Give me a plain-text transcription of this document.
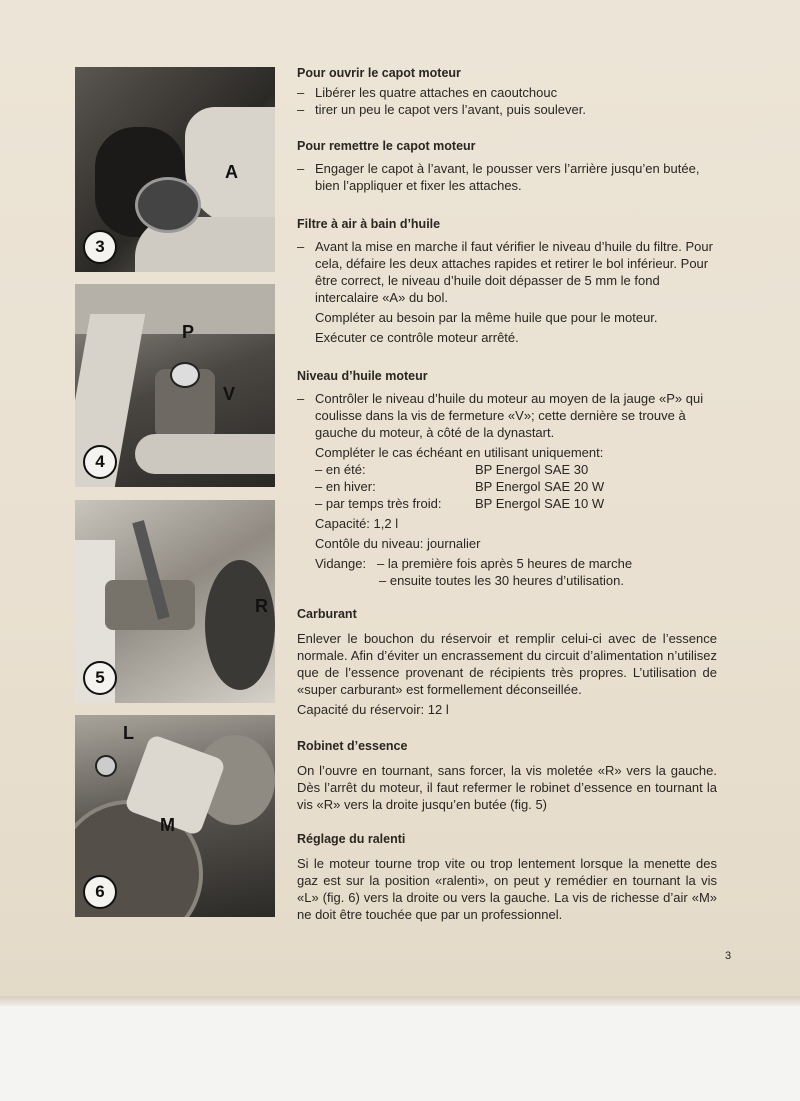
A
3
P
V
4
R
5
L
M
6
Pour ouvrir le capot moteur
– Libérer les quatre attaches en caoutchouc
– tirer un peu le capot vers l’avant, puis soulever.
Pour remettre le capot moteur
– Engager le capot à l’avant, le pousser vers l’arrière jusqu’en butée, bien l’appliquer et fixer les attaches.
Filtre à air à bain d’huile
– Avant la mise en marche il faut vérifier le niveau d’huile du filtre. Pour cela, défaire les deux attaches rapides et retirer le bol inférieur. Pour être correct, le niveau d’huile doit dépasser de 5 mm le fond intercalaire «A» du bol.

Compléter au besoin par la même huile que pour le moteur.

Exécuter ce contrôle moteur arrêté.

Niveau d’huile moteur
– Contrôler le niveau d’huile du moteur au moyen de la jauge «P» qui coulisse dans la vis de fermeture «V»; cette dernière se trouve à gauche du moteur, à côté de la dynastart.

Compléter le cas échéant en utilisant uniquement:

– en été:	BP Energol SAE 30
– en hiver:	BP Energol SAE 20 W
– par temps très froid:	BP Energol SAE 10 W

Capacité: 1,2 l

Contôle du niveau: journalier

Vidange: – la première fois après 5 heures de marche
– ensuite toutes les 30 heures d’utilisation.
Carburant

Enlever le bouchon du réservoir et remplir celui-ci avec de l’essence normale. Afin d’éviter un encrassement du circuit d’alimentation n’utilisez que de l’essence provenant de récipients très propres. L’utilisation de «super carburant» est formellement déconseillée.

Capacité du réservoir: 12 l

Robinet d’essence

On l’ouvre en tournant, sans forcer, la vis moletée «R» vers la gauche. Dès l’arrêt du moteur, il faut refermer le robinet d’essence en tournant la vis «R» vers la droite jusqu’en butée (fig. 5)

Réglage du ralenti

Si le moteur tourne trop vite ou trop lentement lorsque la menette des gaz est sur la position «ralenti», on peut y remédier en tournant la vis «L» (fig. 6) vers la droite ou vers la gauche. La vis de richesse d’air «M» ne doit être touchée que par un professionnel.

3
